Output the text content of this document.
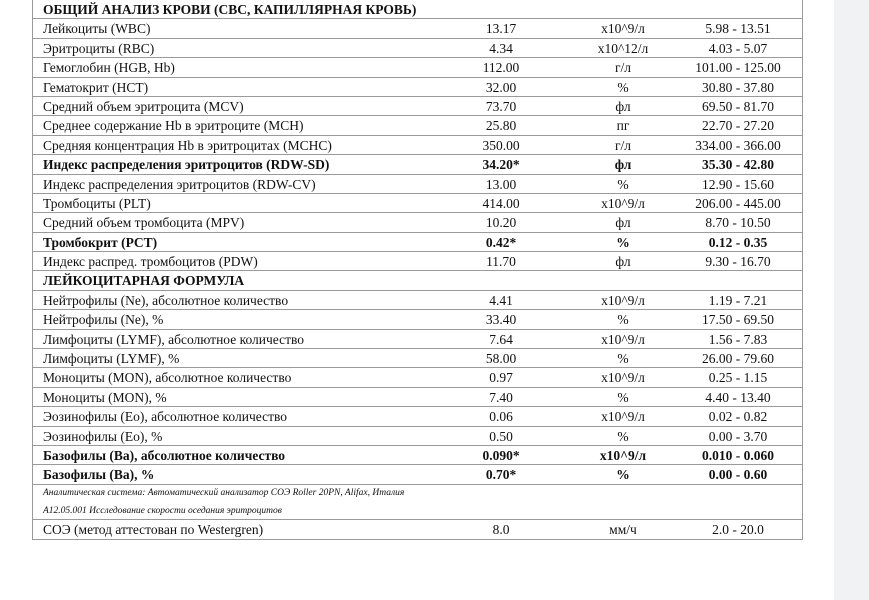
ОБЩИЙ АНАЛИЗ КРОВИ (CBC, КАПИЛЛЯРНАЯ КРОВЬ)
Лейкоциты (WBC)	13.17	x10^9/л	5.98 - 13.51
Эритроциты (RBC)	4.34	x10^12/л	4.03 - 5.07
Гемоглобин (HGB, Hb)	112.00	г/л	101.00 - 125.00
Гематокрит (HCT)	32.00	%	30.80 - 37.80
Средний объем эритроцита (MCV)	73.70	фл	69.50 - 81.70
Среднее содержание Hb в эритроците (MCH)	25.80	пг	22.70 - 27.20
Средняя концентрация Hb в эритроцитах (MCHC)	350.00	г/л	334.00 - 366.00
Индекс распределения эритроцитов (RDW-SD)	34.20*	фл	35.30 - 42.80
Индекс распределения эритроцитов (RDW-CV)	13.00	%	12.90 - 15.60
Тромбоциты (PLT)	414.00	x10^9/л	206.00 - 445.00
Средний объем тромбоцита (MPV)	10.20	фл	8.70 - 10.50
Тромбокрит (PCT)	0.42*	%	0.12 - 0.35
Индекс распред. тромбоцитов (PDW)	11.70	фл	9.30 - 16.70
ЛЕЙКОЦИТАРНАЯ ФОРМУЛА
Нейтрофилы (Ne), абсолютное количество	4.41	x10^9/л	1.19 - 7.21
Нейтрофилы (Ne), %	33.40	%	17.50 - 69.50
Лимфоциты (LYMF), абсолютное количество	7.64	x10^9/л	1.56 - 7.83
Лимфоциты (LYMF), %	58.00	%	26.00 - 79.60
Моноциты (MON), абсолютное количество	0.97	x10^9/л	0.25 - 1.15
Моноциты (MON), %	7.40	%	4.40 - 13.40
Эозинофилы (Eo), абсолютное количество	0.06	x10^9/л	0.02 - 0.82
Эозинофилы (Eo), %	0.50	%	0.00 - 3.70
Базофилы (Ba), абсолютное количество	0.090*	x10^9/л	0.010 - 0.060
Базофилы (Ba), %	0.70*	%	0.00 - 0.60
Аналитическая система: Автоматический анализатор СОЭ Roller 20PN, Alifax, Италия
А12.05.001 Исследование скорости оседания эритроцитов
СОЭ (метод аттестован по Westergren)	8.0	мм/ч	2.0 - 20.0
